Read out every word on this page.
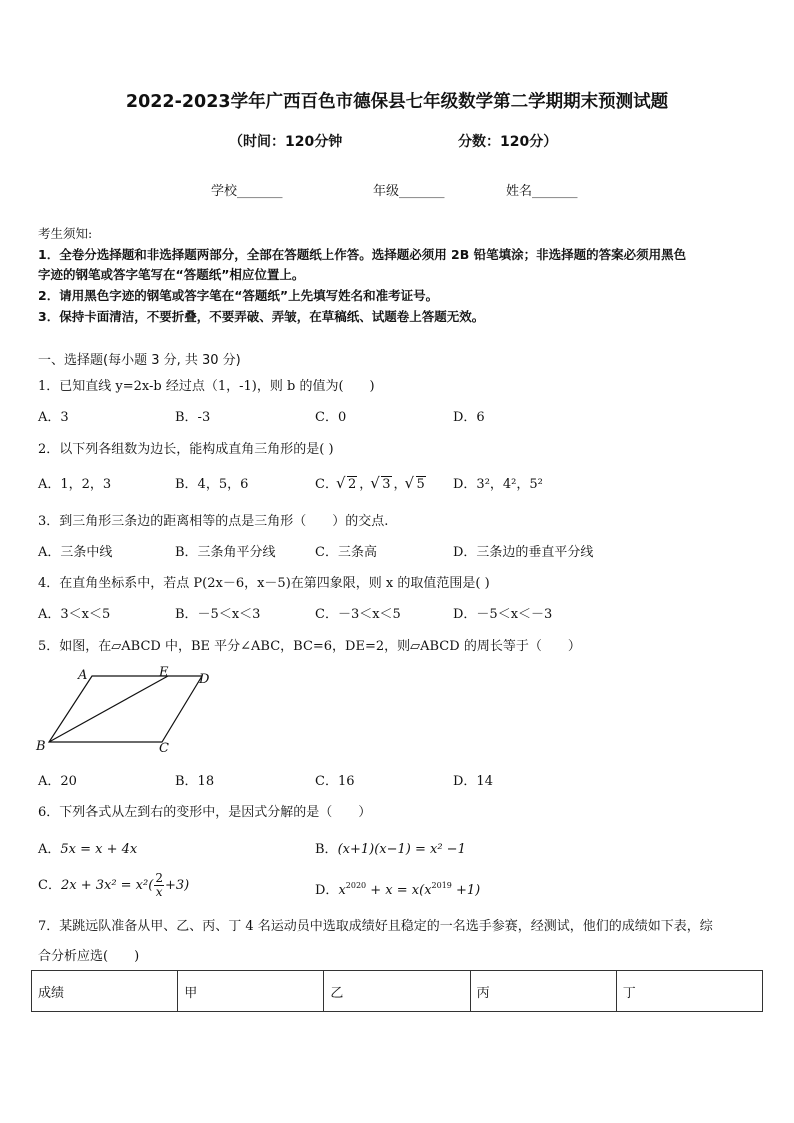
2022-2023学年广西百色市德保县七年级数学第二学期期末预测试题
（时间：120分钟	分数：120分）
学校_______	年级_______	姓名_______
考生须知:
1．全卷分选择题和非选择题两部分，全部在答题纸上作答。选择题必须用 2B 铅笔填涂；非选择题的答案必须用黑色
字迹的钢笔或答字笔写在“答题纸”相应位置上。
2．请用黑色字迹的钢笔或答字笔在“答题纸”上先填写姓名和准考证号。
3．保持卡面清洁，不要折叠，不要弄破、弄皱，在草稿纸、试题卷上答题无效。
一、选择题(每小题 3 分, 共 30 分)
1．已知直线 y=2x-b 经过点（1，-1)，则 b 的值为(　　)
A．3	B．-3	C．0	D．6
2．以下列各组数为边长，能构成直角三角形的是( )
A．1，2，3	B．4，5，6	C． √ 2 ， √ 3 ， √ 5 D．3²，4²，5²
3．到三角形三条边的距离相等的点是三角形（　　）的交点.
A．三条中线	B．三条角平分线	C．三条高	D．三条边的垂直平分线
4．在直角坐标系中，若点 P(2x－6，x－5)在第四象限，则 x 的取值范围是( )
A．3＜x＜5	B．－5＜x＜3	C．－3＜x＜5	D．－5＜x＜－3
5．如图，在▱ABCD 中，BE 平分∠ABC，BC=6，DE=2，则▱ABCD 的周长等于（　　）
A	E D
B	C
A．20	B．18	C．16	D．14
6．下列各式从左到右的变形中，是因式分解的是（　　）
A．5x = x + 4x	B．(x+1)(x−1) = x² −1
C．$2x + 3x^2 = x^2( \frac{2}{x} +3)$	D．$x^{2020} + x = x(x^{2019} +1)$
7．某跳远队准备从甲、乙、丙、丁 4 名运动员中选取成绩好且稳定的一名选手参赛，经测试，他们的成绩如下表，综
合分析应选(　　)
成绩	甲	乙	丙	丁
